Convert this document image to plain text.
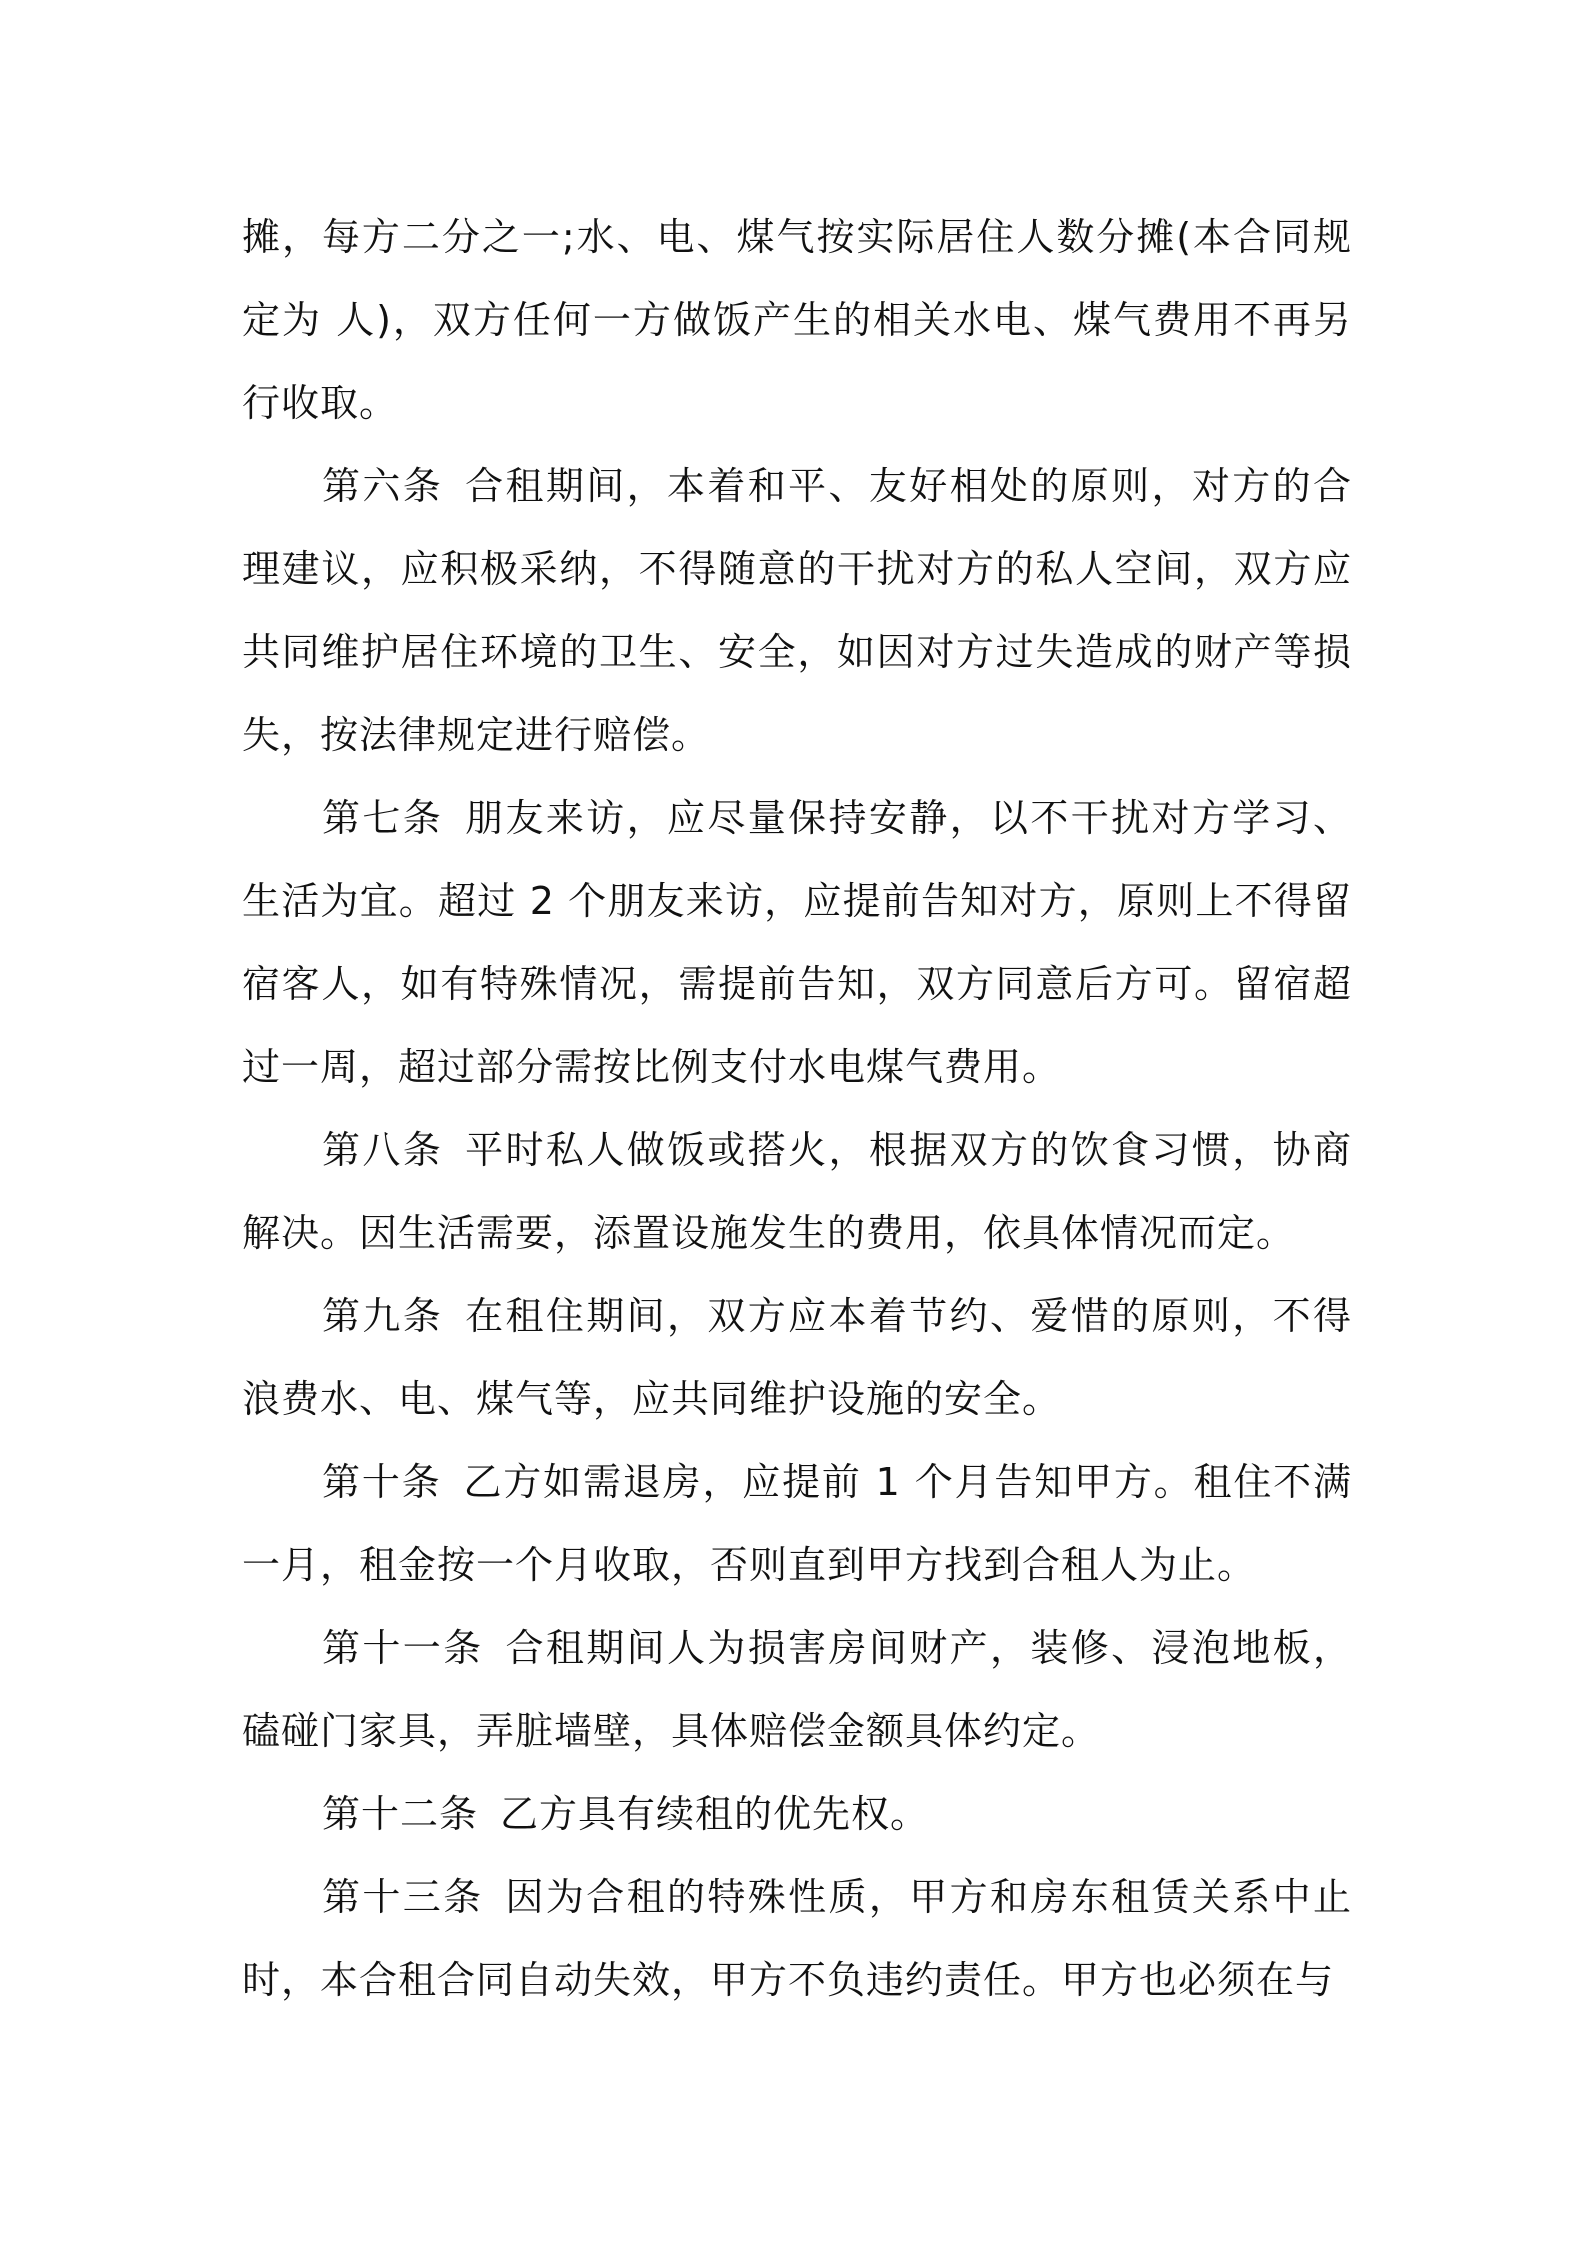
摊，每方二分之一;水、电、煤气按实际居住人数分摊(本合同规定为 人)，双方任何一方做饭产生的相关水电、煤气费用不再另行收取。

第六条 合租期间，本着和平、友好相处的原则，对方的合理建议，应积极采纳，不得随意的干扰对方的私人空间，双方应共同维护居住环境的卫生、安全，如因对方过失造成的财产等损失，按法律规定进行赔偿。

第七条 朋友来访，应尽量保持安静，以不干扰对方学习、生活为宜。超过 2 个朋友来访，应提前告知对方，原则上不得留宿客人，如有特殊情况，需提前告知，双方同意后方可。留宿超过一周，超过部分需按比例支付水电煤气费用。

第八条 平时私人做饭或搭火，根据双方的饮食习惯，协商解决。因生活需要，添置设施发生的费用，依具体情况而定。

第九条 在租住期间，双方应本着节约、爱惜的原则，不得浪费水、电、煤气等，应共同维护设施的安全。

第十条 乙方如需退房，应提前 1 个月告知甲方。租住不满一月，租金按一个月收取，否则直到甲方找到合租人为止。

第十一条 合租期间人为损害房间财产，装修、浸泡地板，磕碰门家具，弄脏墙壁，具体赔偿金额具体约定。

第十二条 乙方具有续租的优先权。

第十三条 因为合租的特殊性质，甲方和房东租赁关系中止时，本合租合同自动失效，甲方不负违约责任。甲方也必须在与
